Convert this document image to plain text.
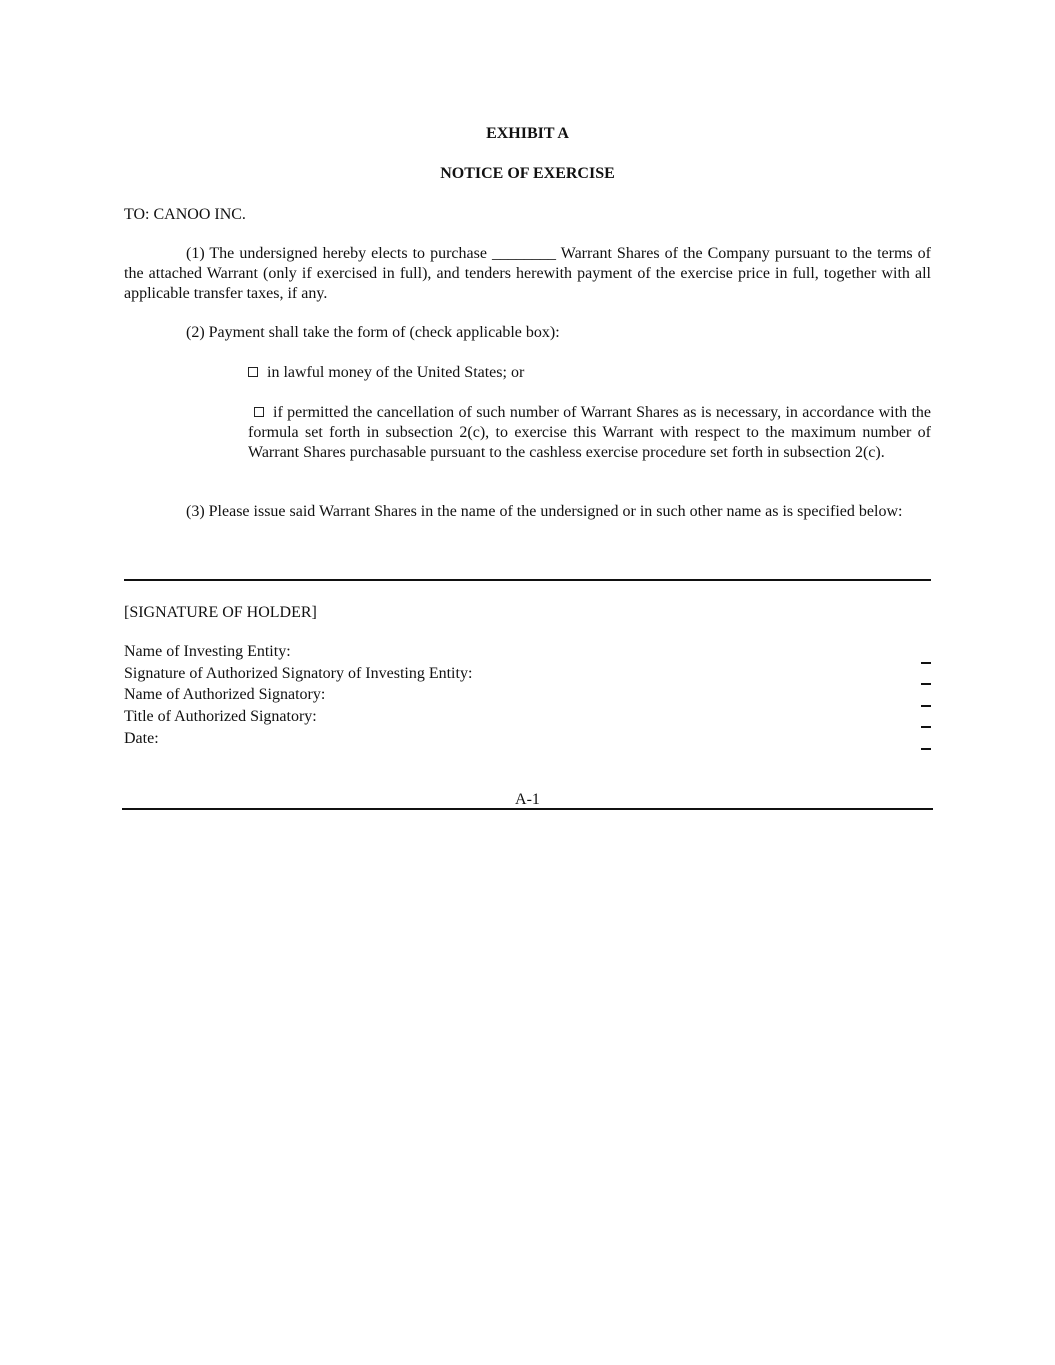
EXHIBIT A
NOTICE OF EXERCISE
TO: CANOO INC.
(1) The undersigned hereby elects to purchase ________ Warrant Shares of the Company pursuant to the terms of the attached Warrant (only if exercised in full), and tenders herewith payment of the exercise price in full, together with all applicable transfer taxes, if any.
(2) Payment shall take the form of (check applicable box):
in lawful money of the United States; or
if permitted the cancellation of such number of Warrant Shares as is necessary, in accordance with the formula set forth in subsection 2(c), to exercise this Warrant with respect to the maximum number of Warrant Shares purchasable pursuant to the cashless exercise procedure set forth in subsection 2(c).
(3) Please issue said Warrant Shares in the name of the undersigned or in such other name as is specified below:
[SIGNATURE OF HOLDER]
Name of Investing Entity:
Signature of Authorized Signatory of Investing Entity:
Name of Authorized Signatory:
Title of Authorized Signatory:
Date:
A-1
